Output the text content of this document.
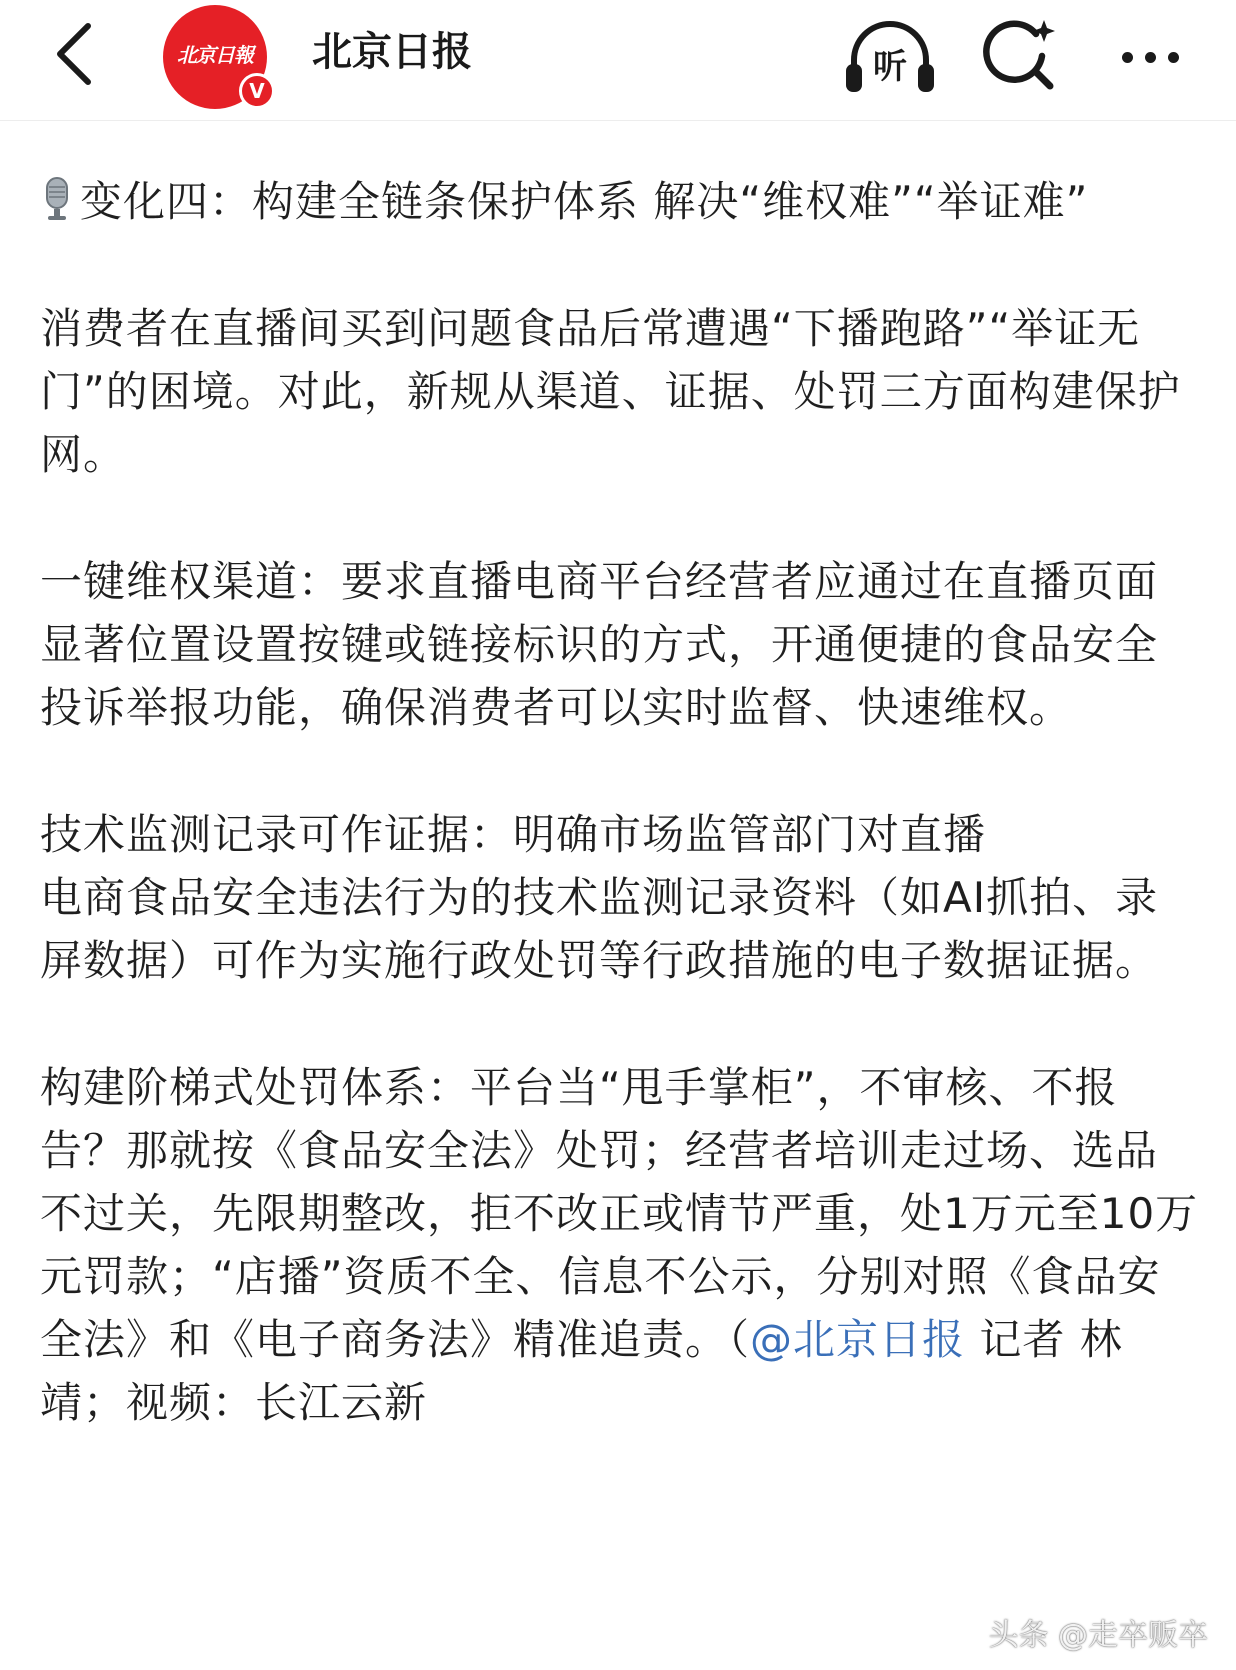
北京日報
V
北京日报	听

变化四：构建全链条保护体系 解决“维权难”“举证难”

消费者在直播间买到问题食品后常遭遇“下播跑路”“举证无门”的困境。对此，新规从渠道、证据、处罚三方面构建保护网。

一键维权渠道：要求直播电商平台经营者应通过在直播页面显著位置设置按键或链接标识的方式，开通便捷的食品安全投诉举报功能，确保消费者可以实时监督、快速维权。

技术监测记录可作证据：明确市场监管部门对直播
电商食品安全违法行为的技术监测记录资料（如AI抓拍、录屏数据）可作为实施行政处罚等行政措施的电子数据证据。

构建阶梯式处罚体系：平台当“甩手掌柜”，不审核、不报告？那就按《食品安全法》处罚；经营者培训走过场、选品不过关，先限期整改，拒不改正或情节严重，处1万元至10万元罚款；“店播”资质不全、信息不公示，分别对照《食品安全法》和《电子商务法》精准追责。（@北京日报 记者 林靖；视频：长江云新

头条 @走卒贩卒
